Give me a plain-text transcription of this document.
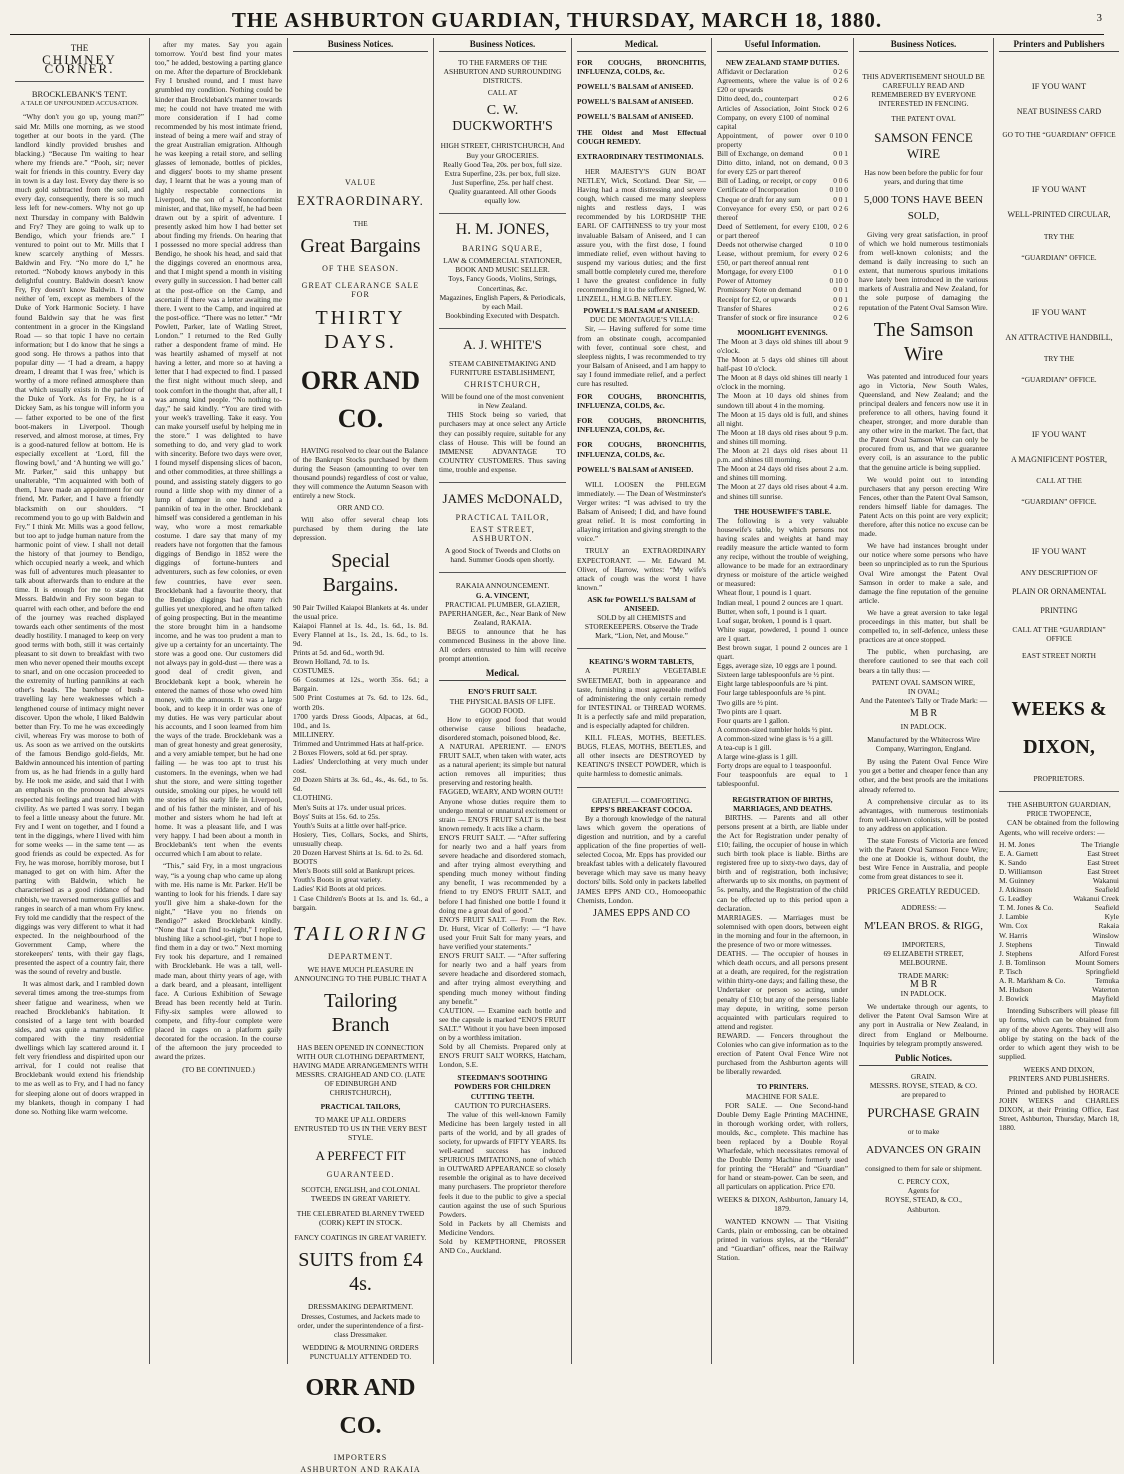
THE ASHBURTON GUARDIAN, THURSDAY, MARCH 18, 1880.	3
THE
CHIMNEY CORNER.
BROCKLEBANK'S TENT.
A TALE OF UNFOUNDED ACCUSATION.
“Why don't you go up, young man?” said Mr. Mills one morning, as we stood together at our boots in the yard. (The landlord kindly provided brushes and blacking.) “Because I'm waiting to hear where my friends are.” “Pooh, sir; never wait for friends in this country. Every day in town is a day lost. Every day there is so much gold subtracted from the soil, and every day, consequently, there is so much less left for new-comers. Why not go up next Thursday in company with Baldwin and Fry? They are going to walk up to Bendigo, which your friends are.” I ventured to point out to Mr. Mills that I knew scarcely anything of Messrs. Baldwin and Fry. “No more do I,” he retorted. “Nobody knows anybody in this delightful country. Baldwin doesn't know Fry, Fry doesn't know Baldwin. I know neither of 'em, except as members of the Duke of York Harmonic Society. I have found Baldwin say that he was first contentment in a grocer in the Kingsland Road — so that topic I have no certain information; but I do know that he sings a good song. He throws a pathos into that popular ditty — ‘I had a dream, a happy dream, I dreamt that I was free,’ which is worthy of a more refined atmosphere than that which usually exists in the parlour of the Duke of York. As for Fry, he is a Dickey Sam, as his tongue will inform you — father exported to be one of the first boot-makers in Liverpool. Though reserved, and almost morose, at times, Fry is a good-natured fellow at bottom. He is especially excellent at ‘Lord, fill the flowing bowl,’ and ‘A hunting we will go.’ Mr. Parker,” said this unhappy but unalterable, “I'm acquainted with both of them, I have made an appointment for our friend, Mr. Parker, and I have a friendly blacksmith on our shoulders. “I recommend you to go up with Baldwin and Fry.” I think Mr. Mills was a good fellow, but too apt to judge human nature from the harmonic point of view. I shall not detail the history of that journey to Bendigo, which occupied nearly a week, and which was full of adventures much pleasanter to talk about afterwards than to endure at the time. It is enough for me to state that Messrs. Baldwin and Fry soon began to quarrel with each other, and before the end of the journey was reached displayed towards each other sentiments of the most deadly hostility. I managed to keep on very good terms with both, still it was certainly pleasant to sit down to breakfast with two men who never opened their mouths except to snarl, and on one occasion proceeded to the extremity of hurling pannikins at each other's heads. The barehope of bush-travelling lay here weaknesses which a lengthened course of intimacy might never discover. Upon the whole, I liked Baldwin better than Fry. To me he was exceedingly civil, whereas Fry was morose to both of us. As soon as we arrived on the outskirts of the famous Bendigo gold-fields, Mr. Baldwin announced his intention of parting from us, as he had friends in a gully hard by. He took me aside, and said that I with an emphasis on the pronoun had always respected his feelings and treated him with civility. As we parted I was sorry. I began to feel a little uneasy about the future. Mr. Fry and I went on together, and I found a tent in the diggings, where I lived with him for some weeks — in the same tent — as good friends as could be expected. As for Fry, he was morose, horribly morose, but I managed to get on with him. After the parting with Baldwin, which he characterised as a good riddance of bad rubbish, we traversed numerous gullies and ranges in search of a man whom Fry knew. Fry told me candidly that the respect of the diggings was very different to what it had expected. In the neighbourhood of the Government Camp, where the storekeepers' tents, with their gay flags, presented the aspect of a country fair, there was the sound of revelry and bustle.
It was almost dark, and I rambled down several times among the tree-stumps from sheer fatigue and weariness, when we reached Brocklebank's habitation. It consisted of a large tent with boarded sides, and was quite a mammoth edifice compared with the tiny residential dwellings which lay scattered around it. I felt very friendless and dispirited upon our arrival, for I could not realise that Brocklebank would extend his friendship to me as well as to Fry, and I had no fancy for sleeping alone out of doors wrapped in my blankets, though in company I had done so. Nothing like warm welcome.
after my mates. Say you again tomorrow. You'd best find your mates too,” he added, bestowing a parting glance on me. After the departure of Brocklebank Fry I brushed round, and I must have grumbled my condition. Nothing could be kinder than Brocklebank's manner towards me; he could not have treated me with more consideration if I had come recommended by his most intimate friend, instead of being a mere waif and stray of the great Australian emigration. Although he was keeping a retail store, and selling glasses of lemonade, bottles of pickles, and diggers' boots to my shame present day, I learnt that he was a young man of highly respectable connections in Liverpool, the son of a Nonconformist minister, and that, like myself, he had been drawn out by a spirit of adventure. I presently asked him how I had better set about finding my friends. On hearing that I possessed no more special address than Bendigo, he shook his head, and said that the diggings covered an enormous area, and that I might spend a month in visiting every gully in succession. I had better call at the post-office on the Camp, and ascertain if there was a letter awaiting me there. I went to the Camp, and inquired at the post-office. “There was no letter.” “Mr Powlett, Parker, late of Watling Street, London.” I returned to the Red Gully rather a despondent frame of mind. He was heartily ashamed of myself at not having a letter, and more so at having a letter that I had expected to find. I passed the first night without much sleep, and took comfort in the thought that, after all, I was among kind people. “No nothing to-day,” he said kindly. “You are tired with your week's travelling. Take it easy. You can make yourself useful by helping me in the store.” I was delighted to have something to do, and very glad to work with sincerity. Before two days were over, I found myself dispensing slices of bacon, and other commodities, at three shillings a pound, and assisting stately diggers to go round a little shop with my dinner of a lump of damper in one hand and a pannikin of tea in the other. Brocklebank himself was considered a gentleman in his way, who wore a most remarkable costume. I dare say that many of my readers have not forgotten that the famous diggings of Bendigo in 1852 were the diggings of fortune-hunters and adventurers, such as few colonies, or even few countries, have ever seen. Brocklebank had a favourite theory, that the Bendigo diggings had many rich gullies yet unexplored, and he often talked of going prospecting. But in the meantime the store brought him in a handsome income, and he was too prudent a man to give up a certainty for an uncertainty. The store was a good one. Our customers did not always pay in gold-dust — there was a good deal of credit given, and Brocklebank kept a book, wherein he entered the names of those who owed him money, with the amounts. It was a large book, and to keep it in order was one of my duties. He was very particular about his accounts, and I soon learned from him the ways of the trade. Brocklebank was a man of great honesty and great generosity, and a very amiable temper, but he had one failing — he was too apt to trust his customers. In the evenings, when we had shut the store, and were sitting together outside, smoking our pipes, he would tell me stories of his early life in Liverpool, and of his father the minister, and of his mother and sisters whom he had left at home. It was a pleasant life, and I was very happy. I had been about a month in Brocklebank's tent when the events occurred which I am about to relate.
“This,” said Fry, in a most ungracious way, “is a young chap who came up along with me. His name is Mr. Parker. He'll be wanting to look for his friends. I dare say you'll give him a shake-down for the night,” “Have you no friends on Bendigo?” asked Brocklebank kindly. “None that I can find to-night,” I replied, blushing like a school-girl, “but I hope to find them in a day or two.” Next morning Fry took his departure, and I remained with Brocklebank. He was a tall, well-made man, about thirty years of age, with a dark beard, and a pleasant, intelligent face. A Curious Exhibition of Sewage Bread has been recently held at Turin. Fifty-six samples were allowed to compete, and fifty-four complete were placed in cages on a platform gaily decorated for the occasion. In the course of the afternoon the jury proceeded to award the prizes.
(TO BE CONTINUED.)
Business Notices.
VALUE
EXTRAORDINARY.
THE
Great Bargains
OF THE SEASON.
GREAT CLEARANCE SALE FOR
THIRTY DAYS.
ORR AND CO.
HAVING resolved to clear out the Balance of the Bankrupt Stocks purchased by them during the Season (amounting to over ten thousand pounds) regardless of cost or value, they will commence the Autumn Season with entirely a new Stock.
ORR AND CO.
Will also offer several cheap lots purchased by them during the late depression.
Special Bargains.
90 Pair Twilled Kaiapoi Blankets at 4s. under the usual price.
Kaiapoi Flannel at 1s. 4d., 1s. 6d., 1s. 8d. Every Flannel at 1s., 1s. 2d., 1s. 6d., to 1s. 9d.
Prints at 5d. and 6d., worth 9d.
Brown Holland, 7d. to 1s.
COSTUMES.
66 Costumes at 12s., worth 35s. 6d.; a Bargain.
500 Print Costumes at 7s. 6d. to 12s. 6d., worth 20s.
1700 yards Dress Goods, Alpacas, at 6d., 10d., and 1s.
MILLINERY.
Trimmed and Untrimmed Hats at half-price.
2 Boxes Flowers, sold at 6d. per spray.
Ladies' Underclothing at very much under cost.
20 Dozen Shirts at 3s. 6d., 4s., 4s. 6d., to 5s. 6d.
CLOTHING.
Men's Suits at 17s. under usual prices.
Boys' Suits at 15s. 6d. to 25s.
Youth's Suits at a little over half-price.
Hosiery, Ties, Collars, Socks, and Shirts, unusually cheap.
20 Dozen Harvest Shirts at 1s. 6d. to 2s. 6d.
BOOTS
Men's Boots still sold at Bankrupt prices.
Youth's Boots in great variety.
Ladies' Kid Boots at old prices.
1 Case Children's Boots at 1s. and 1s. 6d., a bargain.
TAILORING
DEPARTMENT.
WE HAVE MUCH PLEASURE IN ANNOUNCING TO THE PUBLIC THAT A
Tailoring Branch
HAS BEEN OPENED IN CONNECTION WITH OUR CLOTHING DEPARTMENT, HAVING MADE ARRANGEMENTS WITH MESSRS. CRAIGHEAD AND CO. (LATE OF EDINBURGH AND CHRISTCHURCH),
PRACTICAL TAILORS,
TO MAKE UP ALL ORDERS ENTRUSTED TO US IN THE VERY BEST STYLE.
A PERFECT FIT
GUARANTEED.
SCOTCH, ENGLISH, and COLONIAL TWEEDS IN GREAT VARIETY.
THE CELEBRATED BLARNEY TWEED (CORK) KEPT IN STOCK.
FANCY COATINGS IN GREAT VARIETY.
SUITS from £4 4s.
DRESSMAKING DEPARTMENT.
Dresses, Costumes, and Jackets made to order, under the superintendence of a first-class Dressmaker.
WEDDING & MOURNING ORDERS PUNCTUALLY ATTENDED TO.
ORR AND CO.
IMPORTERS
ASHBURTON AND RAKAIA
Business Notices.
TO THE FARMERS OF THE ASHBURTON AND SURROUNDING DISTRICTS.
CALL AT
C. W. DUCKWORTH'S
HIGH STREET, CHRISTCHURCH, And Buy your GROCERIES.
Really Good Tea, 20s. per box, full size.
Extra Superfine, 23s. per box, full size.
Just Superfine, 25s. per half chest.
Quality guaranteed. All other Goods equally low.
H. M. JONES,
BARING SQUARE,
LAW & COMMERCIAL STATIONER, BOOK AND MUSIC SELLER.
Toys, Fancy Goods, Violins, Strings, Concertinas, &c.
Magazines, English Papers, & Periodicals, by each Mail.
Bookbinding Executed with Despatch.
A. J. WHITE'S
STEAM CABINETMAKING AND FURNITURE ESTABLISHMENT,
CHRISTCHURCH,
Will be found one of the most convenient in New Zealand.
THIS Stock being so varied, that purchasers may at once select any Article they can possibly require, suitable for any class of House. This will be found an IMMENSE ADVANTAGE TO COUNTRY CUSTOMERS. Thus saving time, trouble and expense.
JAMES McDONALD,
PRACTICAL TAILOR,
EAST STREET, ASHBURTON.
A good Stock of Tweeds and Cloths on hand. Summer Goods open shortly.
RAKAIA ANNOUNCEMENT.
G. A. VINCENT,
PRACTICAL PLUMBER, GLAZIER, PAPERHANGER, &c., Near Bank of New Zealand, RAKAIA.
BEGS to announce that he has commenced Business in the above line. All orders entrusted to him will receive prompt attention.
Medical.
ENO'S FRUIT SALT.
THE PHYSICAL BASIS OF LIFE. GOOD FOOD.
How to enjoy good food that would otherwise cause bilious headache, disordered stomach, poisoned blood, &c.
A NATURAL APERIENT. — ENO'S FRUIT SALT, when taken with water, acts as a natural aperient; its simple but natural action removes all impurities; thus preserving and restoring health.
FAGGED, WEARY, AND WORN OUT!!
Anyone whose duties require them to undergo mental or unnatural excitement or strain — ENO'S FRUIT SALT is the best known remedy. It acts like a charm.
ENO'S FRUIT SALT. — “After suffering for nearly two and a half years from severe headache and disordered stomach, and after trying almost everything and spending much money without finding any benefit, I was recommended by a friend to try ENO'S FRUIT SALT, and before I had finished one bottle I found it doing me a great deal of good.”
ENO'S FRUIT SALT. — From the Rev. Dr. Hurst, Vicar of Collerly: — “I have used your Fruit Salt for many years, and have verified your statements.”
ENO'S FRUIT SALT. — “After suffering for nearly two and a half years from severe headache and disordered stomach, and after trying almost everything and spending much money without finding any benefit.”
CAUTION. — Examine each bottle and see the capsule is marked “ENO'S FRUIT SALT.” Without it you have been imposed on by a worthless imitation.
Sold by all Chemists. Prepared only at ENO'S FRUIT SALT WORKS, Hatcham, London, S.E.
STEEDMAN'S SOOTHING POWDERS FOR CHILDREN CUTTING TEETH.
CAUTION TO PURCHASERS.
The value of this well-known Family Medicine has been largely tested in all parts of the world, and by all grades of society, for upwards of FIFTY YEARS. Its well-earned success has induced SPURIOUS IMITATIONS, none of which in OUTWARD APPEARANCE so closely resemble the original as to have deceived many purchasers. The proprietor therefore feels it due to the public to give a special caution against the use of such Spurious Powders.
Sold in Packets by all Chemists and Medicine Vendors.
Sold by KEMPTHORNE, PROSSER AND Co., Auckland.
Medical.
FOR COUGHS, BRONCHITIS, INFLUENZA, COLDS, &c.
POWELL'S BALSAM of ANISEED.
POWELL'S BALSAM of ANISEED.
POWELL'S BALSAM of ANISEED.
THE Oldest and Most Effectual COUGH REMEDY.
EXTRAORDINARY TESTIMONIALS.
HER MAJESTY'S GUN BOAT NETLEY, Wick, Scotland. Dear Sir, — Having had a most distressing and severe cough, which caused me many sleepless nights and restless days, I was recommended by his LORDSHIP THE EARL OF CAITHNESS to try your most invaluable Balsam of Aniseed, and I can assure you, with the first dose, I found immediate relief, even without having to suspend my various duties; and the first small bottle completely cured me, therefore I have the greatest confidence in fully recommending it to the sufferer. Signed, W. LINZELL, H.M.G.B. NETLEY.
POWELL'S BALSAM of ANISEED.
DUC DE MONTAGUE’S VILLA:
Sir, — Having suffered for some time from an obstinate cough, accompanied with fever, continual sore chest, and sleepless nights, I was recommended to try your Balsam of Aniseed, and I am happy to say I found immediate relief, and a perfect cure has resulted.
FOR COUGHS, BRONCHITIS, INFLUENZA, COLDS, &c.
FOR COUGHS, BRONCHITIS, INFLUENZA, COLDS, &c.
FOR COUGHS, BRONCHITIS, INFLUENZA, COLDS, &c.
POWELL'S BALSAM of ANISEED.
WILL LOOSEN the PHLEGM immediately. — The Dean of Westminster's Verger writes: “I was advised to try the Balsam of Aniseed; I did, and have found great relief. It is most comforting in allaying irritation and giving strength to the voice.”
TRULY an EXTRAORDINARY EXPECTORANT. — Mr. Edward M. Oliver, of Harrow, writes: “My wife's attack of cough was the worst I have known.”
ASK for POWELL'S BALSAM of ANISEED.
SOLD by all CHEMISTS and STOREKEEPERS. Observe the Trade Mark, “Lion, Net, and Mouse.”
KEATING'S WORM TABLETS,
A PURELY VEGETABLE SWEETMEAT, both in appearance and taste, furnishing a most agreeable method of administering the only certain remedy for INTESTINAL or THREAD WORMS. It is a perfectly safe and mild preparation, and is especially adapted for children.
KILL FLEAS, MOTHS, BEETLES. BUGS, FLEAS, MOTHS, BEETLES, and all other insects are DESTROYED by KEATING'S INSECT POWDER, which is quite harmless to domestic animals.
GRATEFUL — COMFORTING.
EPPS'S BREAKFAST COCOA.
By a thorough knowledge of the natural laws which govern the operations of digestion and nutrition, and by a careful application of the fine properties of well-selected Cocoa, Mr. Epps has provided our breakfast tables with a delicately flavoured beverage which may save us many heavy doctors' bills. Sold only in packets labelled JAMES EPPS AND CO., Homoeopathic Chemists, London.
JAMES EPPS AND CO
Useful Information.
NEW ZEALAND STAMP DUTIES.
Affidavit or Declaration	0 2 6
Agreements, where the value is of £20 or upwards
0 2 6
Ditto deed, do., counterpart	0 2 6
Articles of Association, Joint Stock Company, on every £100 of nominal capital
0 2 6
Appointment, of power over property
0 10 0
Bill of Exchange, on demand	0 0 1
Ditto ditto, inland, not on demand, for every £25 or part thereof
0 0 3
Bill of Lading, or receipt, or copy	0 0 6
Certificate of Incorporation	0 10 0
Cheque or draft for any sum	0 0 1
Conveyance for every £50, or part thereof
0 2 6
Deed of Settlement, for every £100, or part thereof
0 2 6
Deeds not otherwise charged	0 10 0
Lease, without premium, for every £50, or part thereof annual rent
0 2 6
Mortgage, for every £100	0 1 0
Power of Attorney	0 10 0
Promissory Note on demand	0 0 1
Receipt for £2, or upwards	0 0 1
Transfer of Shares	0 2 6
Transfer of stock or fire insurance	0 2 6
MOONLIGHT EVENINGS.
The Moon at 3 days old shines till about 9 o'clock.
The Moon at 5 days old shines till about half-past 10 o'clock.
The Moon at 8 days old shines till nearly 1 o'clock in the morning.
The Moon at 10 days old shines from sundown till about 4 in the morning.
The Moon at 15 days old is full, and shines all night.
The Moon at 18 days old rises about 9 p.m. and shines till morning.
The Moon at 21 days old rises about 11 p.m. and shines till morning.
The Moon at 24 days old rises about 2 a.m. and shines till morning.
The Moon at 27 days old rises about 4 a.m. and shines till sunrise.
THE HOUSEWIFE'S TABLE.
The following is a very valuable housewife's table, by which persons not having scales and weights at hand may readily measure the article wanted to form any recipe, without the trouble of weighing, allowance to be made for an extraordinary dryness or moisture of the article weighed or measured:
Wheat flour, 1 pound is 1 quart.
Indian meal, 1 pound 2 ounces are 1 quart.
Butter, when soft, 1 pound is 1 quart.
Loaf sugar, broken, 1 pound is 1 quart.
White sugar, powdered, 1 pound 1 ounce are 1 quart.
Best brown sugar, 1 pound 2 ounces are 1 quart.
Eggs, average size, 10 eggs are 1 pound.
Sixteen large tablespoonfuls are ½ pint.
Eight large tablespoonfuls are ¼ pint.
Four large tablespoonfuls are ⅛ pint.
Two gills are ½ pint.
Two pints are 1 quart.
Four quarts are 1 gallon.
A common-sized tumbler holds ½ pint.
A common-sized wine glass is ½ a gill.
A tea-cup is 1 gill.
A large wine-glass is 1 gill.
Forty drops are equal to 1 teaspoonful.
Four teaspoonfuls are equal to 1 tablespoonful.
REGISTRATION OF BIRTHS, MARRIAGES, AND DEATHS.
BIRTHS. — Parents and all other persons present at a birth, are liable under the Act for Registration under penalty of £10; failing, the occupier of house in which such birth took place is liable. Births are registered free up to sixty-two days, day of birth and of registration, both inclusive; afterwards up to six months, on payment of 5s. penalty, and the Registration of the child can be effected up to this period upon a declaration.
MARRIAGES. — Marriages must be solemnised with open doors, between eight in the morning and four in the afternoon, in the presence of two or more witnesses.
DEATHS. — The occupier of houses in which death occurs, and all persons present at a death, are required, for the registration within thirty-one days; and failing these, the Undertaker or person so acting, under penalty of £10; but any of the persons liable may depute, in writing, some person acquainted with particulars required to attend and register.
REWARD. — Fencers throughout the Colonies who can give information as to the erection of Patent Oval Fence Wire not purchased from the Ashburton agents will be liberally rewarded.
TO PRINTERS.
MACHINE FOR SALE.
FOR SALE. — One Second-hand Double Demy Eagle Printing MACHINE, in thorough working order, with rollers, moulds, &c., complete. This machine has been replaced by a Double Royal Wharfedale, which necessitates removal of the Double Demy Machine formerly used for printing the “Herald” and “Guardian” for hand or steam-power. Can be seen, and all particulars on application. Price £70.
WEEKS & DIXON, Ashburton, January 14, 1879.
WANTED KNOWN — That Visiting Cards, plain or embossing, can be obtained printed in various styles, at the “Herald” and “Guardian” offices, near the Railway Station.
Business Notices.
THIS ADVERTISEMENT SHOULD BE CAREFULLY READ AND REMEMBERED BY EVERYONE INTERESTED IN FENCING.
THE PATENT OVAL
SAMSON FENCE WIRE
Has now been before the public for four years, and during that time
5,000 TONS HAVE BEEN SOLD,
Giving very great satisfaction, in proof of which we hold numerous testimonials from well-known colonists; and the demand is daily increasing to such an extent, that numerous spurious imitations have lately been introduced in the various markets of Australia and New Zealand, for the sole purpose of damaging the reputation of the Patent Oval Samson Wire.
The Samson Wire
Was patented and introduced four years ago in Victoria, New South Wales, Queensland, and New Zealand; and the principal dealers and fencers now use it in preference to all others, having found it cheaper, stronger, and more durable than any other wire in the market. The fact, that the Patent Oval Samson Wire can only be procured from us, and that we guarantee every coil, is an assurance to the public that the genuine article is being supplied.
We would point out to intending purchasers that any person erecting Wire Fences, other than the Patent Oval Samson, renders himself liable for damages. The Patent Acts on this point are very explicit; therefore, after this notice no excuse can be made.
We have had instances brought under our notice where some persons who have been so unprincipled as to run the Spurious Oval Wire amongst the Patent Oval Samson in order to make a sale, and damage the fine reputation of the genuine article.
We have a great aversion to take legal proceedings in this matter, but shall be compelled to, in self-defence, unless these practices are at once stopped.
The public, when purchasing, are therefore cautioned to see that each coil bears a tin tally thus: —
PATENT OVAL SAMSON WIRE,
IN OVAL;
And the Patentee's Tally or Trade Mark: —
M B R
IN PADLOCK.
Manufactured by the Whitecross Wire Company, Warrington, England.
By using the Patent Oval Fence Wire you get a better and cheaper fence than any other, and the best proofs are the imitations already referred to.
A comprehensive circular as to its advantages, with numerous testimonials from well-known colonists, will be posted to any address on application.
The state Forests of Victoria are fenced with the Patent Oval Samson Fence Wire; the one at Dookie is, without doubt, the best Wire Fence in Australia, and people come from great distances to see it.
PRICES GREATLY REDUCED.
ADDRESS: —
M'LEAN BROS. & RIGG,
IMPORTERS,
69 ELIZABETH STREET, MELBOURNE.
TRADE MARK:
M B R
IN PADLOCK.
We undertake through our agents, to deliver the Patent Oval Samson Wire at any port in Australia or New Zealand, in direct from England or Melbourne. Inquiries by telegram promptly answered.
Public Notices.
GRAIN.
MESSRS. ROYSE, STEAD, & CO.
are prepared to
PURCHASE GRAIN
or to make
ADVANCES ON GRAIN
consigned to them for sale or shipment.
C. PERCY COX,
Agents for
ROYSE, STEAD, & CO.,
Ashburton.
Printers and Publishers
IF YOU WANT
NEAT BUSINESS CARD
GO TO THE “GUARDIAN” OFFICE
IF YOU WANT
WELL-PRINTED CIRCULAR,
TRY THE
“GUARDIAN” OFFICE.
IF YOU WANT
AN ATTRACTIVE HANDBILL,
TRY THE
“GUARDIAN” OFFICE.
IF YOU WANT
A MAGNIFICENT POSTER,
CALL AT THE
“GUARDIAN” OFFICE.
IF YOU WANT
ANY DESCRIPTION OF
PLAIN OR ORNAMENTAL
PRINTING
CALL AT THE “GUARDIAN” OFFICE
EAST STREET NORTH
WEEKS & DIXON,
PROPRIETORS.
THE ASHBURTON GUARDIAN,
PRICE TWOPENCE,
CAN be obtained from the following Agents, who will receive orders: —
H. M. Jones	The Triangle
E. A. Garnett	East Street
K. Sando	East Street
D. Williamson	East Street
M. Guinney	Wakanui
J. Atkinson	Seafield
G. Leadley	Wakanui Creek
T. M. Jones & Co.	Seafield
J. Lambie	Kyle
Wm. Cox	Rakaia
W. Harris	Winslow
J. Stephens	Tinwald
J. Stephens	Alford Forest
J. B. Tomlinson	Mount Somers
P. Tisch	Springfield
A. R. Markham & Co.	Temuka
M. Hudson	Waterton
J. Bowick	Mayfield
Intending Subscribers will please fill up forms, which can be obtained from any of the above Agents. They will also oblige by stating on the back of the order to which agent they wish to be supplied.
WEEKS AND DIXON,
PRINTERS AND PUBLISHERS.
Printed and published by HORACE JOHN WEEKS and CHARLES DIXON, at their Printing Office, East Street, Ashburton, Thursday, March 18, 1880.
